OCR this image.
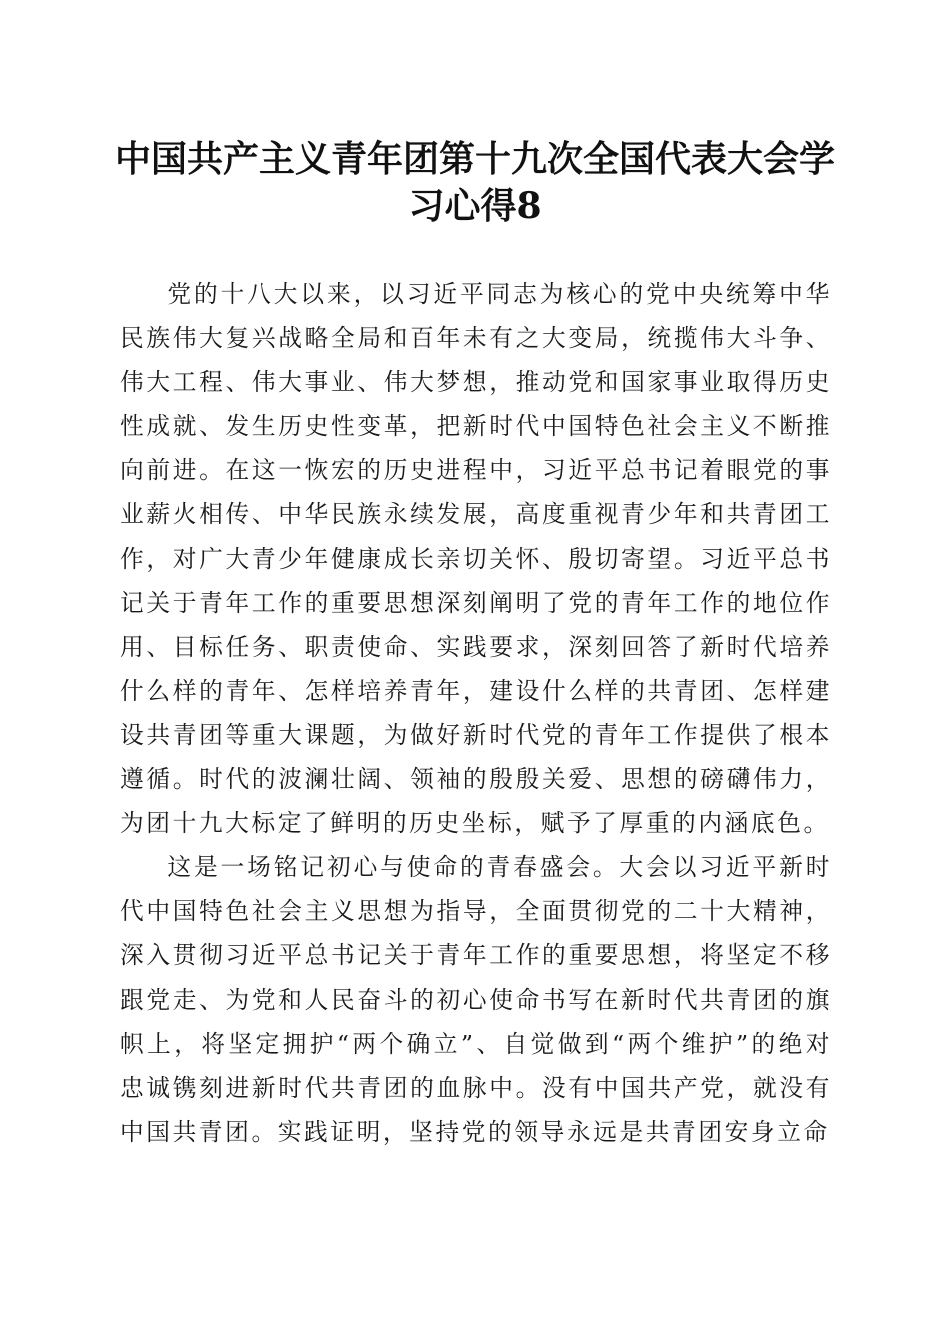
中国共产主义青年团第十九次全国代表大会学习心得8

党的十八大以来，以习近平同志为核心的党中央统筹中华民族伟大复兴战略全局和百年未有之大变局，统揽伟大斗争、伟大工程、伟大事业、伟大梦想，推动党和国家事业取得历史性成就、发生历史性变革，把新时代中国特色社会主义不断推向前进。在这一恢宏的历史进程中，习近平总书记着眼党的事业薪火相传、中华民族永续发展，高度重视青少年和共青团工作，对广大青少年健康成长亲切关怀、殷切寄望。习近平总书记关于青年工作的重要思想深刻阐明了党的青年工作的地位作用、目标任务、职责使命、实践要求，深刻回答了新时代培养什么样的青年、怎样培养青年，建设什么样的共青团、怎样建设共青团等重大课题，为做好新时代党的青年工作提供了根本遵循。时代的波澜壮阔、领袖的殷殷关爱、思想的磅礴伟力，为团十九大标定了鲜明的历史坐标，赋予了厚重的内涵底色。

这是一场铭记初心与使命的青春盛会。大会以习近平新时代中国特色社会主义思想为指导，全面贯彻党的二十大精神，深入贯彻习近平总书记关于青年工作的重要思想，将坚定不移跟党走、为党和人民奋斗的初心使命书写在新时代共青团的旗帜上，将坚定拥护“两个确立”、自觉做到“两个维护”的绝对忠诚镌刻进新时代共青团的血脉中。没有中国共产党，就没有中国共青团。实践证明，坚持党的领导永远是共青团安身立命
